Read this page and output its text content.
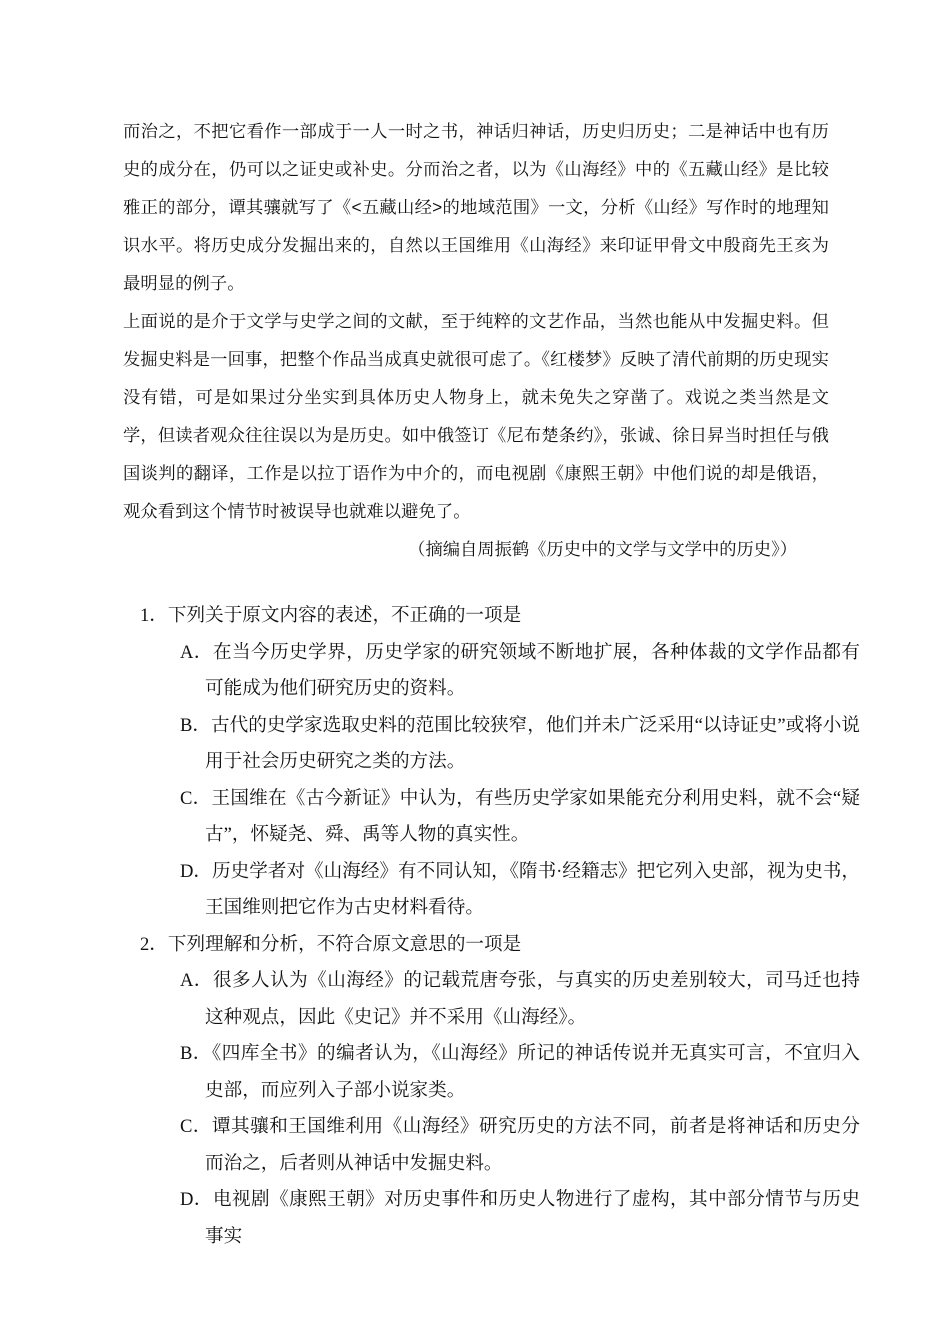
而治之，不把它看作一部成于一人一时之书，神话归神话，历史归历史；二是神话中也有历史的成分在，仍可以之证史或补史。分而治之者，以为《山海经》中的《五藏山经》是比较雅正的部分，谭其骧就写了《<五藏山经>的地域范围》一文，分析《山经》写作时的地理知识水平。将历史成分发掘出来的，自然以王国维用《山海经》来印证甲骨文中殷商先王亥为最明显的例子。

上面说的是介于文学与史学之间的文献，至于纯粹的文艺作品，当然也能从中发掘史料。但发掘史料是一回事，把整个作品当成真史就很可虑了。《红楼梦》反映了清代前期的历史现实没有错，可是如果过分坐实到具体历史人物身上，就未免失之穿凿了。戏说之类当然是文学，但读者观众往往误以为是历史。如中俄签订《尼布楚条约》，张诚、徐日昇当时担任与俄国谈判的翻译，工作是以拉丁语作为中介的，而电视剧《康熙王朝》中他们说的却是俄语，观众看到这个情节时被误导也就难以避免了。

（摘编自周振鹤《历史中的文学与文学中的历史》）

1．下列关于原文内容的表述，不正确的一项是

A．在当今历史学界，历史学家的研究领域不断地扩展，各种体裁的文学作品都有可能成为他们研究历史的资料。

B．古代的史学家选取史料的范围比较狭窄，他们并未广泛采用“以诗证史”或将小说用于社会历史研究之类的方法。

C．王国维在《古今新证》中认为，有些历史学家如果能充分利用史料，就不会“疑古”，怀疑尧、舜、禹等人物的真实性。

D．历史学者对《山海经》有不同认知，《隋书·经籍志》把它列入史部，视为史书，王国维则把它作为古史材料看待。

2．下列理解和分析，不符合原文意思的一项是

A．很多人认为《山海经》的记载荒唐夸张，与真实的历史差别较大，司马迁也持这种观点，因此《史记》并不采用《山海经》。

B．《四库全书》的编者认为，《山海经》所记的神话传说并无真实可言，不宜归入史部，而应列入子部小说家类。

C．谭其骧和王国维利用《山海经》研究历史的方法不同，前者是将神话和历史分而治之，后者则从神话中发掘史料。

D．电视剧《康熙王朝》对历史事件和历史人物进行了虚构，其中部分情节与历史事实
